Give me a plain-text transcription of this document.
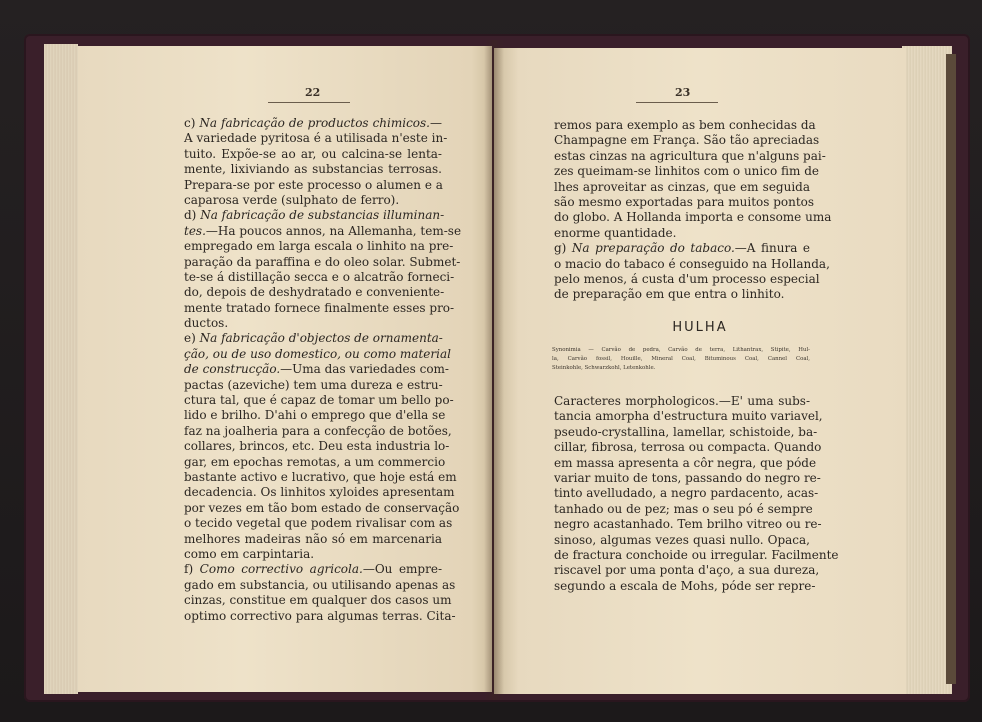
22
c) Na fabricação de productos chimicos.—
A variedade pyritosa é a utilisada n'este in-
tuito. Expõe-se ao ar, ou calcina-se lenta-
mente, lixiviando as substancias terrosas.
Prepara-se por este processo o alumen e a
caparosa verde (sulphato de ferro).
d) Na fabricação de substancias illuminan-
tes.—Ha poucos annos, na Allemanha, tem-se
empregado em larga escala o linhito na pre-
paração da paraffina e do oleo solar. Submet-
te-se á distillação secca e o alcatrão forneci-
do, depois de deshydratado e convenientе-
mente tratado fornece finalmente esses pro-
ductos.
e) Na fabricação d'objectos de ornamenta-
ção, ou de uso domestico, ou como material
de construcção.—Uma das variedades com-
pactas (azeviche) tem uma dureza e estru-
ctura tal, que é capaz de tomar um bello po-
lido e brilho. D'ahi o emprego que d'ella se
faz na joalheria para a confecção de botões,
collares, brincos, etc. Deu esta industria lo-
gar, em epochas remotas, a um commercio
bastante activo e lucrativo, que hoje está em
decadencia. Os linhitos xyloides apresentam
por vezes em tão bom estado de conservação
o tecido vegetal que podem rivalisar com as
melhores madeiras não só em marcenaria
como em carpintaria.
f) Como correctivo agricola.—Ou empre-
gado em substancia, ou utilisando apenas as
cinzas, constitue em qualquer dos casos um
optimo correctivo para algumas terras. Cita-
23
remos para exemplo as bem conhecidas da
Champagne em França. São tão apreciadas
estas cinzas na agricultura que n'alguns pai-
zes queimam-se linhitos com o unico fim de
lhes aproveitar as cinzas, que em seguida
são mesmo exportadas para muitos pontos
do globo. A Hollanda importa e consome uma
enorme quantidade.
g) Na preparação do tabaco.—A finura e
o macio do tabaco é conseguido na Hollanda,
pelo menos, á custa d'um processo especial
de preparação em que entra o linhito.
HULHA
Synonimia — Carvão de pedra, Carvão de terra, Lithantrax, Stipite, Hul-
la, Carvão fossil, Houille, Mineral Coal, Bituminous Coal, Cannel Coal,
Steinkohle, Schwarzkohl, Letenkohle.
Caracteres morphologicos.—E' uma subs-
tancia amorpha d'estructura muito variavel,
pseudo-crystallina, lamellar, schistoide, ba-
cillar, fibrosa, terrosa ou compacta. Quando
em massa apresenta a côr negra, que póde
variar muito de tons, passando do negro re-
tinto avelludado, a negro pardacento, acas-
tanhado ou de pez; mas o seu pó é sempre
negro acastanhado. Tem brilho vitreo ou re-
sinoso, algumas vezes quasi nullo. Opaca,
de fractura conchoide ou irregular. Facilmente
riscavel por uma ponta d'aço, a sua dureza,
segundo a escala de Mohs, póde ser repre-
